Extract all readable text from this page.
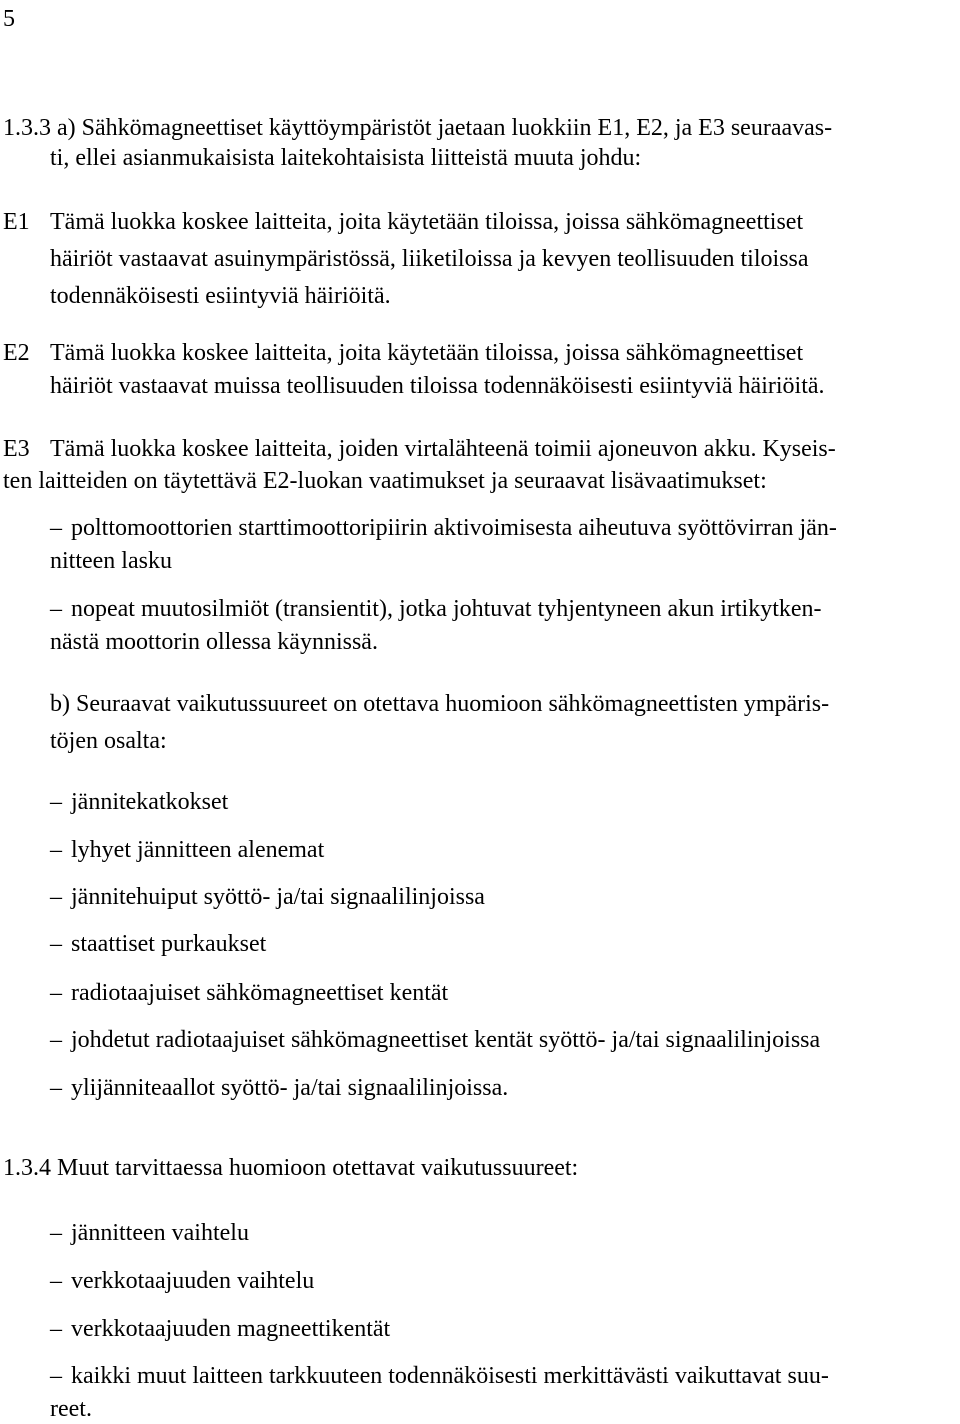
5
1.3.3 a) Sähkömagneettiset käyttöympäristöt jaetaan luokkiin E1, E2, ja E3 seuraavas-
ti, ellei asianmukaisista laitekohtaisista liitteistä muuta johdu:
E1 Tämä luokka koskee laitteita, joita käytetään tiloissa, joissa sähkömagneettiset
häiriöt vastaavat asuinympäristössä, liiketiloissa ja kevyen teollisuuden tiloissa
todennäköisesti esiintyviä häiriöitä.
E2 Tämä luokka koskee laitteita, joita käytetään tiloissa, joissa sähkömagneettiset
häiriöt vastaavat muissa teollisuuden tiloissa todennäköisesti esiintyviä häiriöitä.
E3 Tämä luokka koskee laitteita, joiden virtalähteenä toimii ajoneuvon akku. Kyseis-
ten laitteiden on täytettävä E2-luokan vaatimukset ja seuraavat lisävaatimukset:
– polttomoottorien starttimoottoripiirin aktivoimisesta aiheutuva syöttövirran jän-
nitteen lasku
– nopeat muutosilmiöt (transientit), jotka johtuvat tyhjentyneen akun irtikytken-
nästä moottorin ollessa käynnissä.
b) Seuraavat vaikutussuureet on otettava huomioon sähkömagneettisten ympäris-
töjen osalta:
– jännitekatkokset
– lyhyet jännitteen alenemat
– jännitehuiput syöttö- ja/tai signaalilinjoissa
– staattiset purkaukset
– radiotaajuiset sähkömagneettiset kentät
– johdetut radiotaajuiset sähkömagneettiset kentät syöttö- ja/tai signaalilinjoissa
– ylijänniteaallot syöttö- ja/tai signaalilinjoissa.
1.3.4 Muut tarvittaessa huomioon otettavat vaikutussuureet:
– jännitteen vaihtelu
– verkkotaajuuden vaihtelu
– verkkotaajuuden magneettikentät
– kaikki muut laitteen tarkkuuteen todennäköisesti merkittävästi vaikuttavat suu-
reet.
